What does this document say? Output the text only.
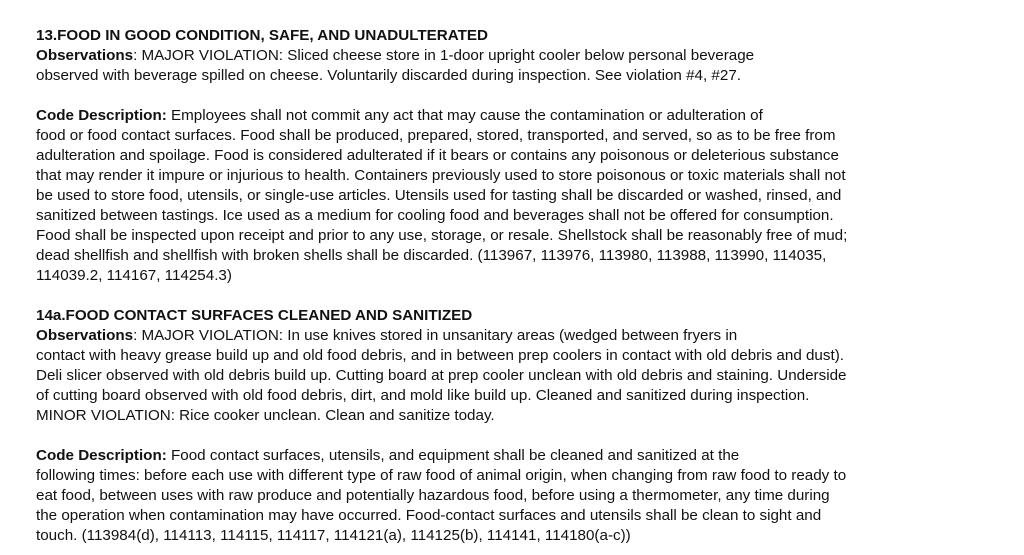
13.FOOD IN GOOD CONDITION, SAFE, AND UNADULTERATED
Observations: MAJOR VIOLATION: Sliced cheese store in 1-door upright cooler below personal beverage
observed with beverage spilled on cheese. Voluntarily discarded during inspection. See violation #4, #27.
Code Description: Employees shall not commit any act that may cause the contamination or adulteration of
food or food contact surfaces. Food shall be produced, prepared, stored, transported, and served, so as to be free from
adulteration and spoilage. Food is considered adulterated if it bears or contains any poisonous or deleterious substance
that may render it impure or injurious to health. Containers previously used to store poisonous or toxic materials shall not
be used to store food, utensils, or single-use articles. Utensils used for tasting shall be discarded or washed, rinsed, and
sanitized between tastings. Ice used as a medium for cooling food and beverages shall not be offered for consumption.
Food shall be inspected upon receipt and prior to any use, storage, or resale. Shellstock shall be reasonably free of mud;
dead shellfish and shellfish with broken shells shall be discarded. (113967, 113976, 113980, 113988, 113990, 114035,
114039.2, 114167, 114254.3)
14a.FOOD CONTACT SURFACES CLEANED AND SANITIZED
Observations: MAJOR VIOLATION: In use knives stored in unsanitary areas (wedged between fryers in
contact with heavy grease build up and old food debris, and in between prep coolers in contact with old debris and dust).
Deli slicer observed with old debris build up. Cutting board at prep cooler unclean with old debris and staining. Underside
of cutting board observed with old food debris, dirt, and mold like build up. Cleaned and sanitized during inspection.
MINOR VIOLATION: Rice cooker unclean. Clean and sanitize today.
Code Description: Food contact surfaces, utensils, and equipment shall be cleaned and sanitized at the
following times: before each use with different type of raw food of animal origin, when changing from raw food to ready to
eat food, between uses with raw produce and potentially hazardous food, before using a thermometer, any time during
the operation when contamination may have occurred. Food-contact surfaces and utensils shall be clean to sight and
touch. (113984(d), 114113, 114115, 114117, 114121(a), 114125(b), 114141, 114180(a-c))
